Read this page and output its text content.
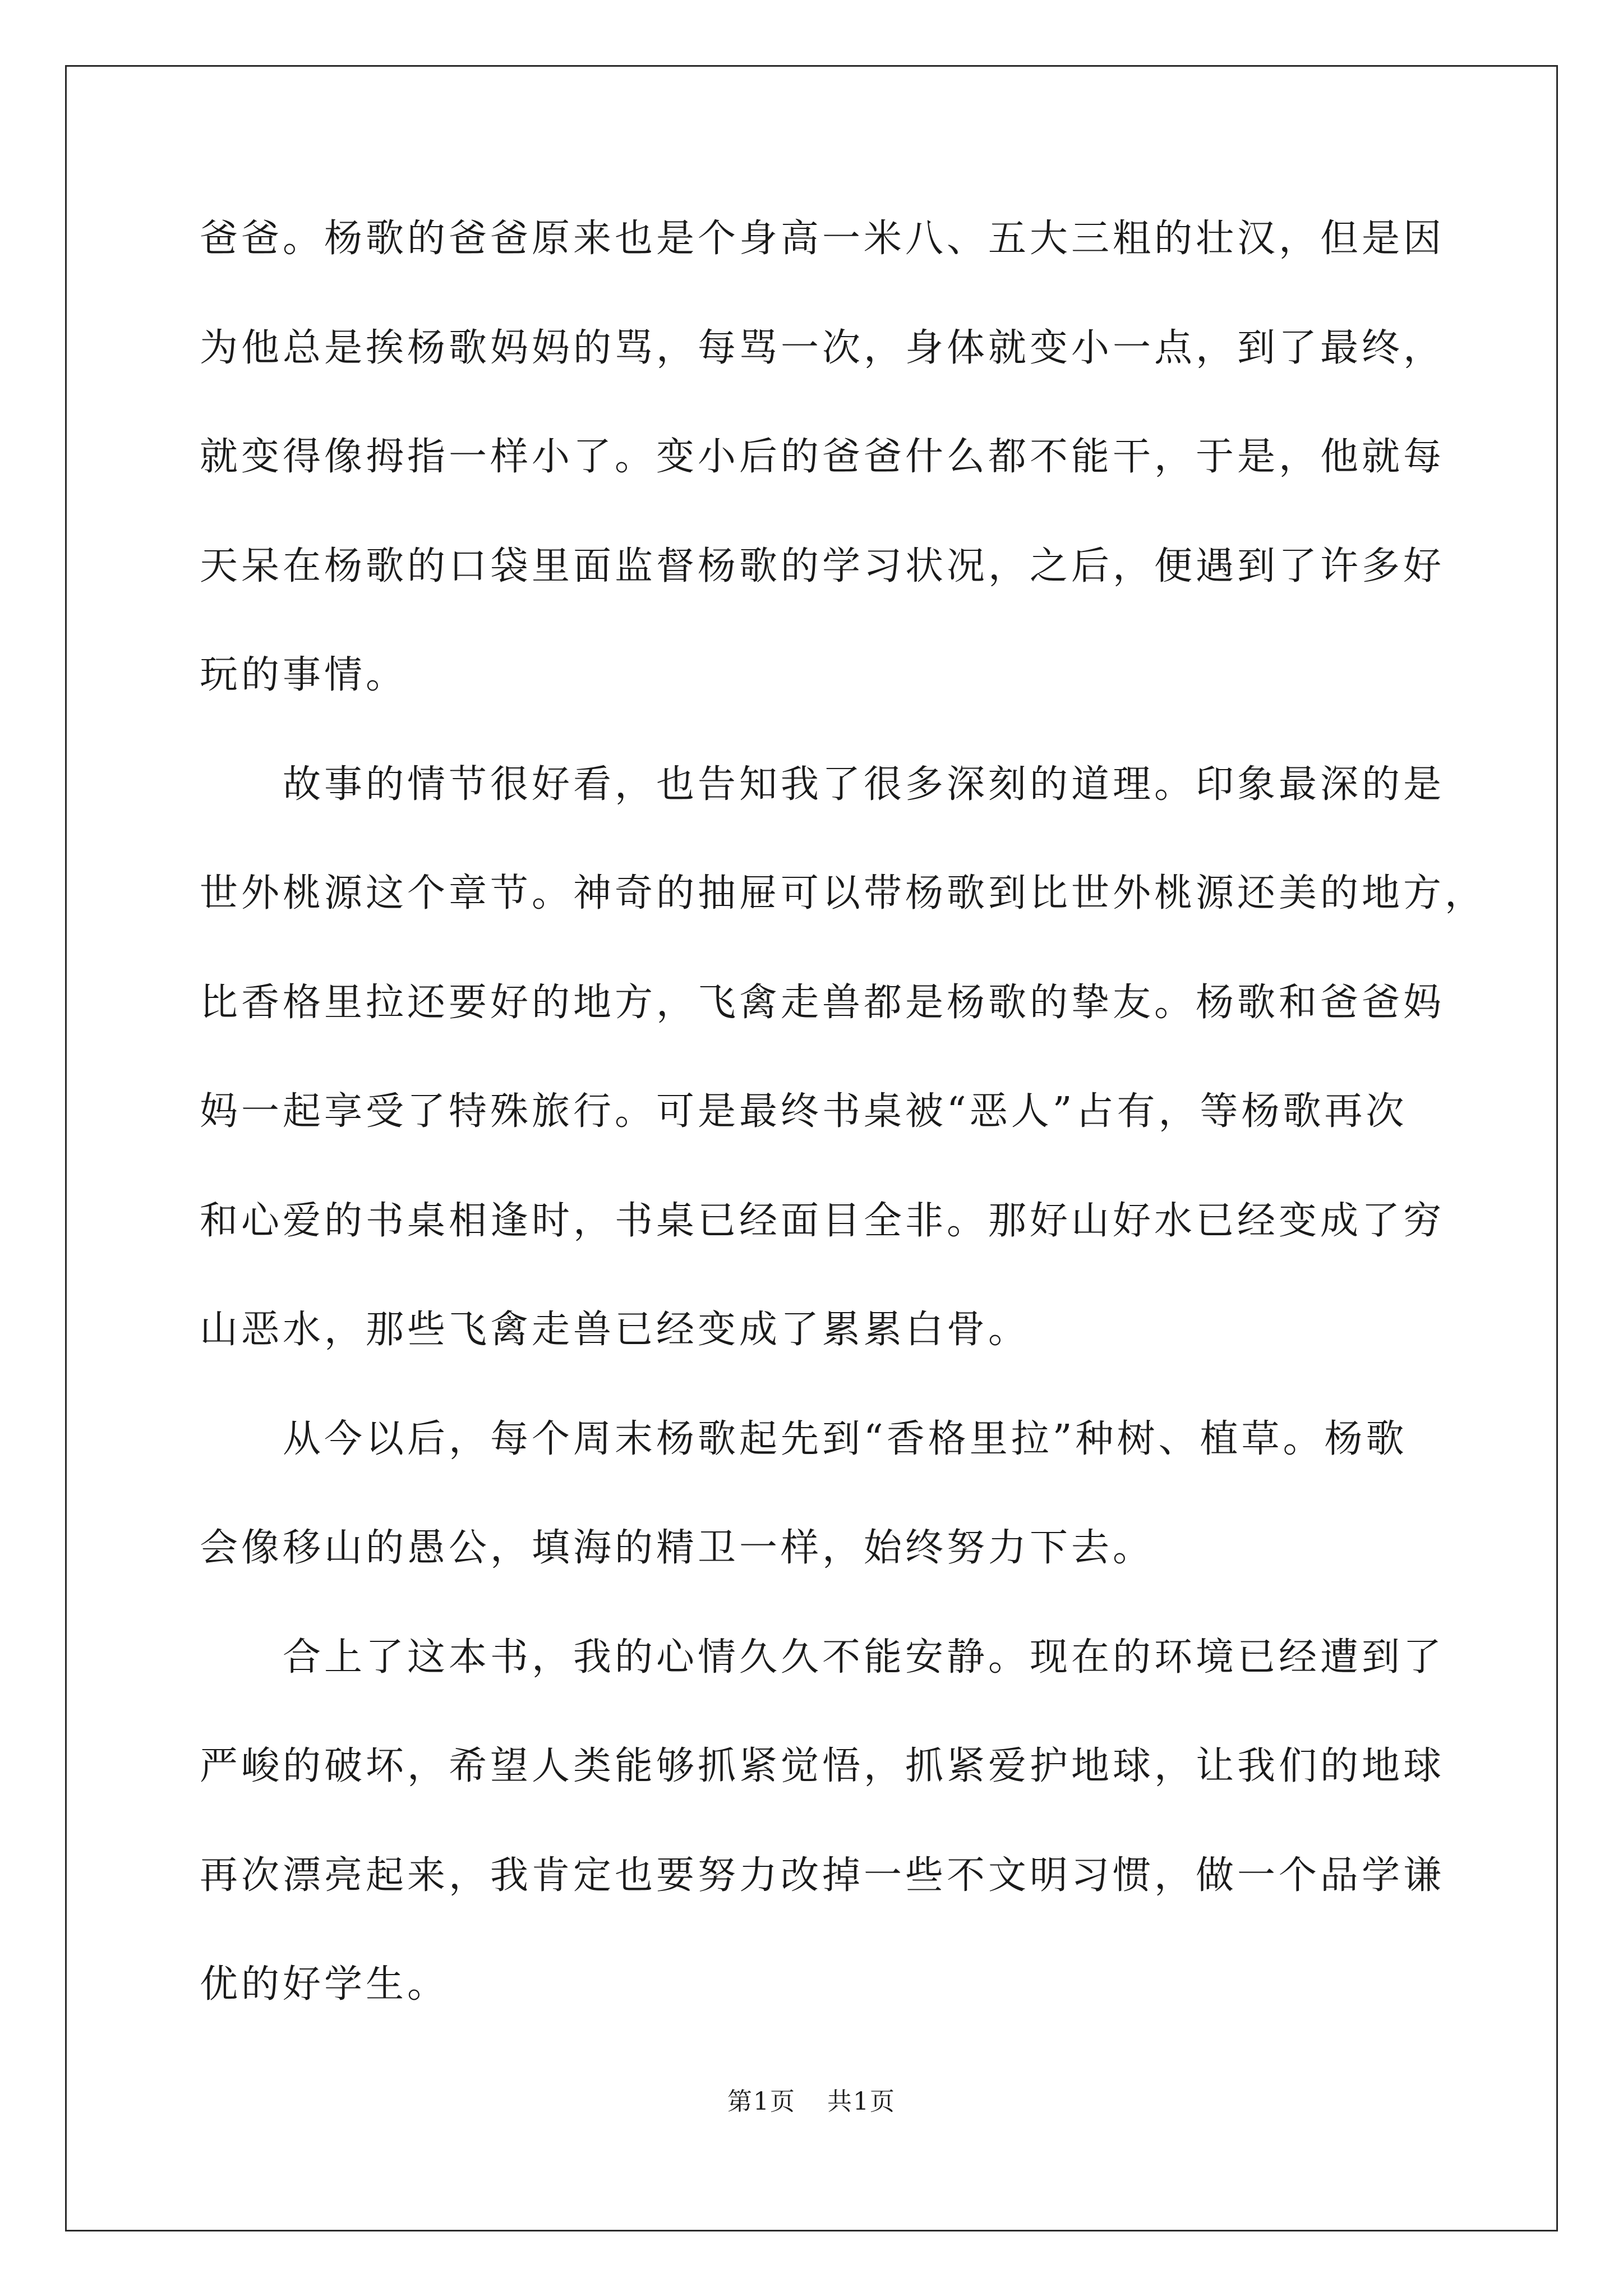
爸爸。杨歌的爸爸原来也是个身高一米八、五大三粗的壮汉，但是因
为他总是挨杨歌妈妈的骂，每骂一次，身体就变小一点，到了最终，
就变得像拇指一样小了。变小后的爸爸什么都不能干，于是，他就每
天呆在杨歌的口袋里面监督杨歌的学习状况，之后，便遇到了许多好
玩的事情。
　　故事的情节很好看，也告知我了很多深刻的道理。印象最深的是
世外桃源这个章节。神奇的抽屉可以带杨歌到比世外桃源还美的地方，
比香格里拉还要好的地方，飞禽走兽都是杨歌的挚友。杨歌和爸爸妈
妈一起享受了特殊旅行。可是最终书桌被“恶人”占有，等杨歌再次
和心爱的书桌相逢时，书桌已经面目全非。那好山好水已经变成了穷
山恶水，那些飞禽走兽已经变成了累累白骨。
　　从今以后，每个周末杨歌起先到“香格里拉”种树、植草。杨歌
会像移山的愚公，填海的精卫一样，始终努力下去。
　　合上了这本书，我的心情久久不能安静。现在的环境已经遭到了
严峻的破坏，希望人类能够抓紧觉悟，抓紧爱护地球，让我们的地球
再次漂亮起来，我肯定也要努力改掉一些不文明习惯，做一个品学谦
优的好学生。
第1页 共1页
